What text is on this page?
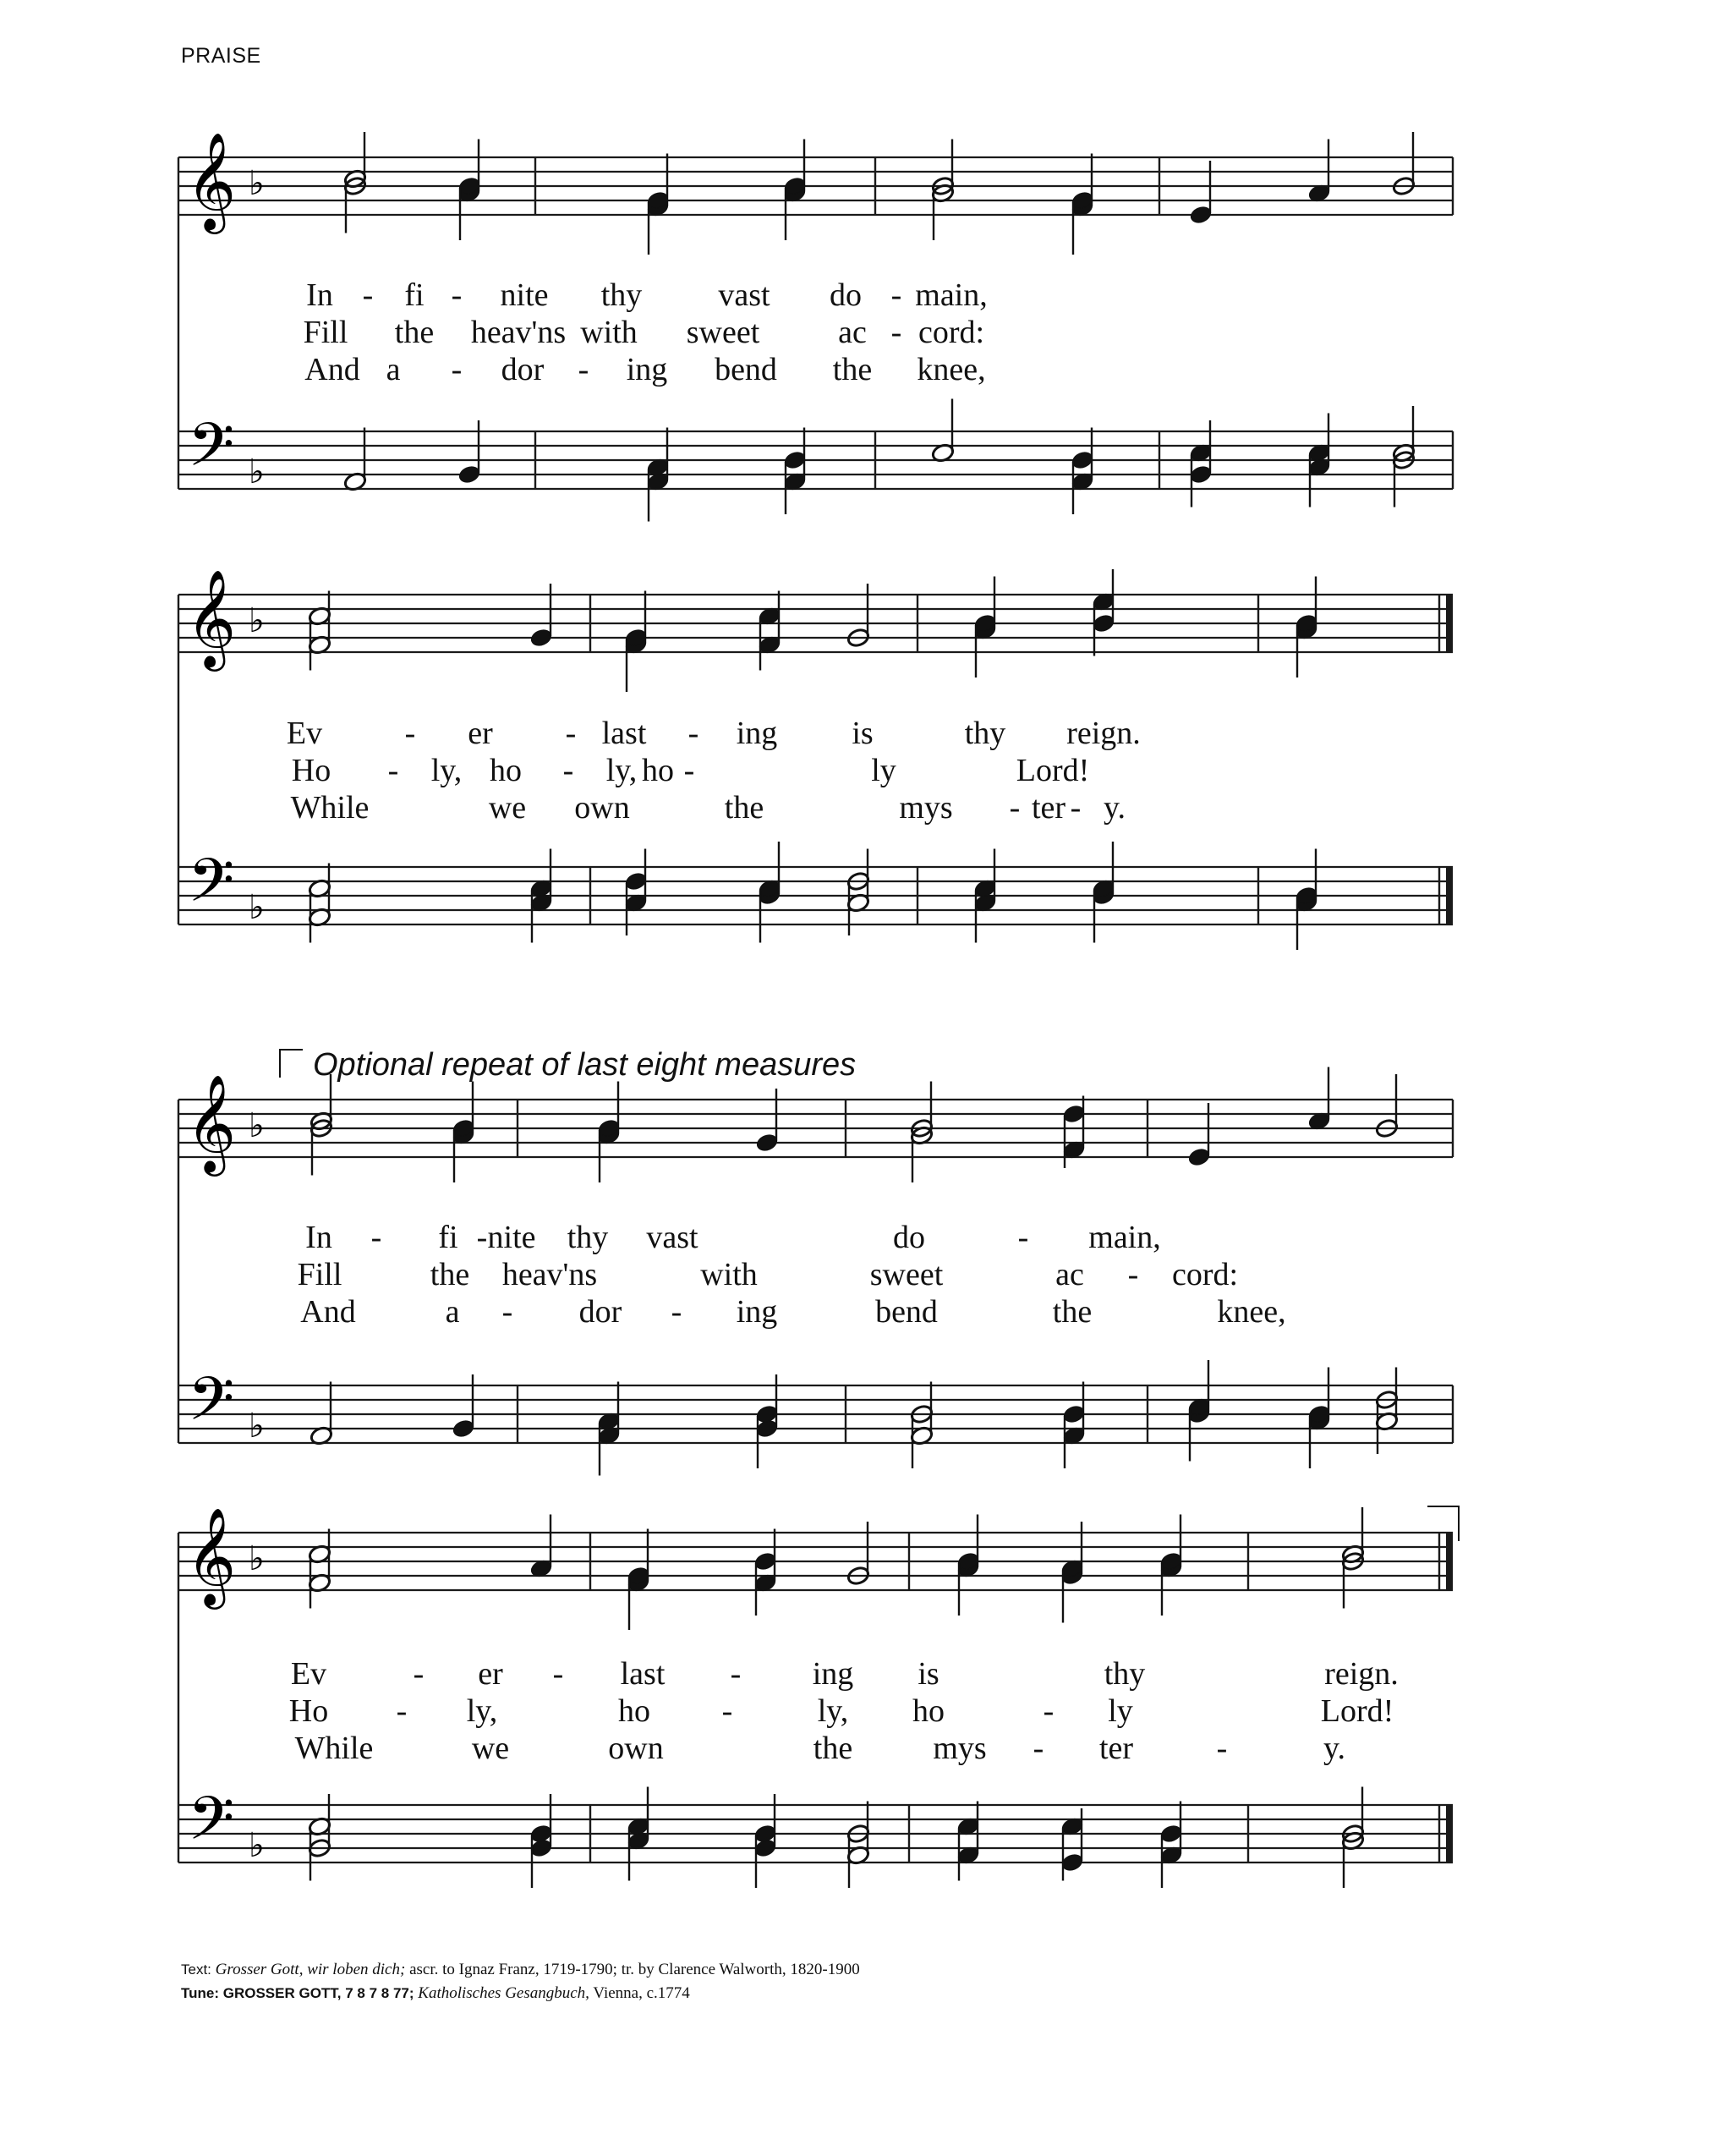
PRAISE
𝄞
𝄢
♭
♭
𝄞
𝄢
♭
♭
𝄞
𝄢
♭
♭
𝄞
𝄢
♭
♭
Optional repeat of last eight measures
In - fi - nite thy vast do - main,
Fill the heav'ns with sweet ac - cord:
And a - dor - ing bend the knee,
Ev	- er - last - ing is	thy reign.
Ho - ly, ho - ly, ho -	ly	Lord!
While	we own	the	mys - ter - y.
In - fi - nite thy vast	do	- main,
Fill	the heav'ns	with	sweet	ac - cord:
And	a - dor - ing	bend	the	knee,
Ev	- er - last - ing is	thy	reign.
Ho - ly,	ho -	ly, ho	- ly	Lord!
While	we	own	the	mys - ter	-	y.
Text: Grosser Gott, wir loben dich; ascr. to Ignaz Franz, 1719-1790; tr. by Clarence Walworth, 1820-1900
Tune: GROSSER GOTT, 7 8 7 8 77; Katholisches Gesangbuch, Vienna, c.1774
